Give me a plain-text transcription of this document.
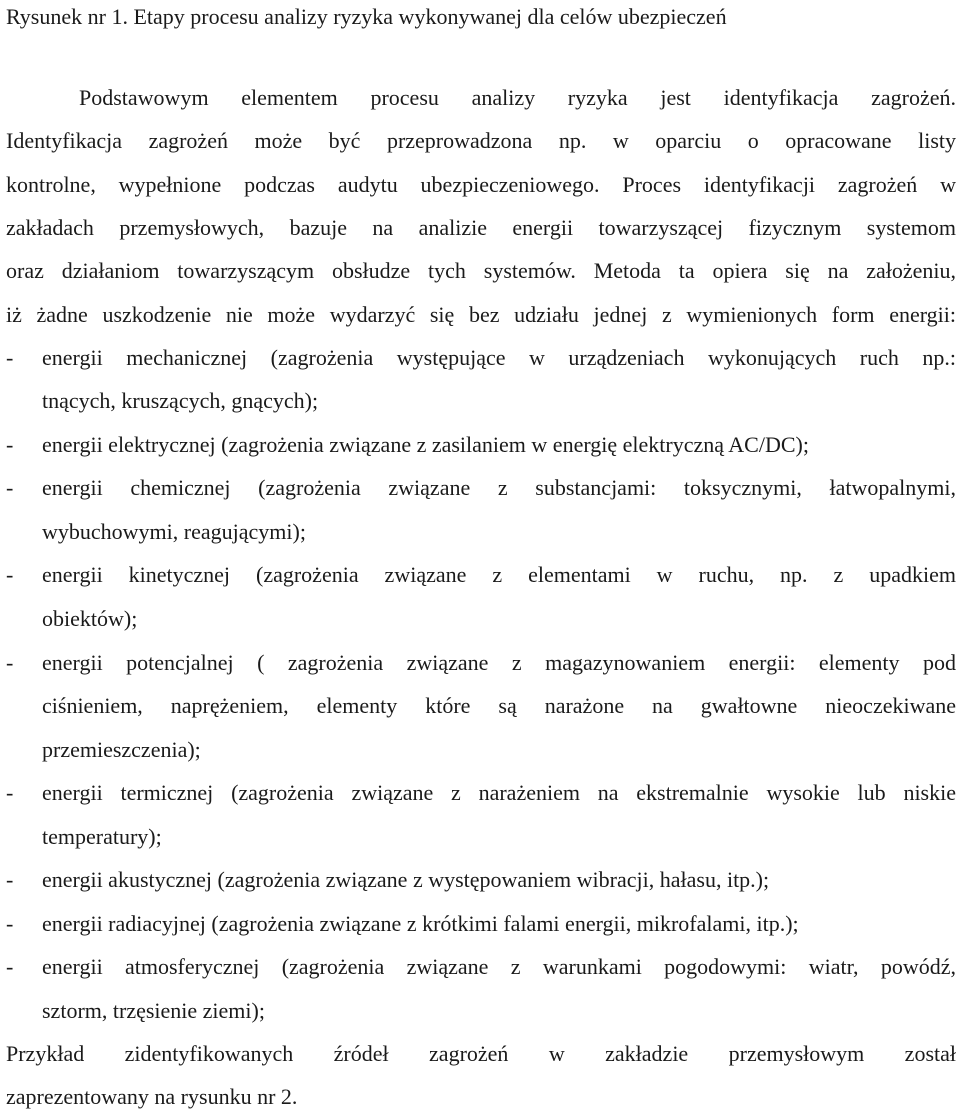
Rysunek nr 1. Etapy procesu analizy ryzyka wykonywanej dla celów ubezpieczeń
Podstawowym elementem procesu analizy ryzyka jest identyfikacja zagrożeń.
Identyfikacja zagrożeń może być przeprowadzona np. w oparciu o opracowane listy
kontrolne, wypełnione podczas audytu ubezpieczeniowego. Proces identyfikacji zagrożeń w
zakładach przemysłowych, bazuje na analizie energii towarzyszącej fizycznym systemom
oraz działaniom towarzyszącym obsłudze tych systemów. Metoda ta opiera się na założeniu,
iż żadne uszkodzenie nie może wydarzyć się bez udziału jednej z wymienionych form energii:
-	energii mechanicznej (zagrożenia występujące w urządzeniach wykonujących ruch np.:
tnących, kruszących, gnących);
-	energii elektrycznej (zagrożenia związane z zasilaniem w energię elektryczną AC/DC);
-	energii chemicznej (zagrożenia związane z substancjami: toksycznymi, łatwopalnymi,
wybuchowymi, reagującymi);
-	energii kinetycznej (zagrożenia związane z elementami w ruchu, np. z upadkiem
obiektów);
-	energii potencjalnej ( zagrożenia związane z magazynowaniem energii: elementy pod
ciśnieniem, naprężeniem, elementy które są narażone na gwałtowne nieoczekiwane
przemieszczenia);
-	energii termicznej (zagrożenia związane z narażeniem na ekstremalnie wysokie lub niskie
temperatury);
-	energii akustycznej (zagrożenia związane z występowaniem wibracji, hałasu, itp.);
-	energii radiacyjnej (zagrożenia związane z krótkimi falami energii, mikrofalami, itp.);
-	energii atmosferycznej (zagrożenia związane z warunkami pogodowymi: wiatr, powódź,
sztorm, trzęsienie ziemi);
Przykład zidentyfikowanych źródeł zagrożeń w zakładzie przemysłowym został
zaprezentowany na rysunku nr 2.
